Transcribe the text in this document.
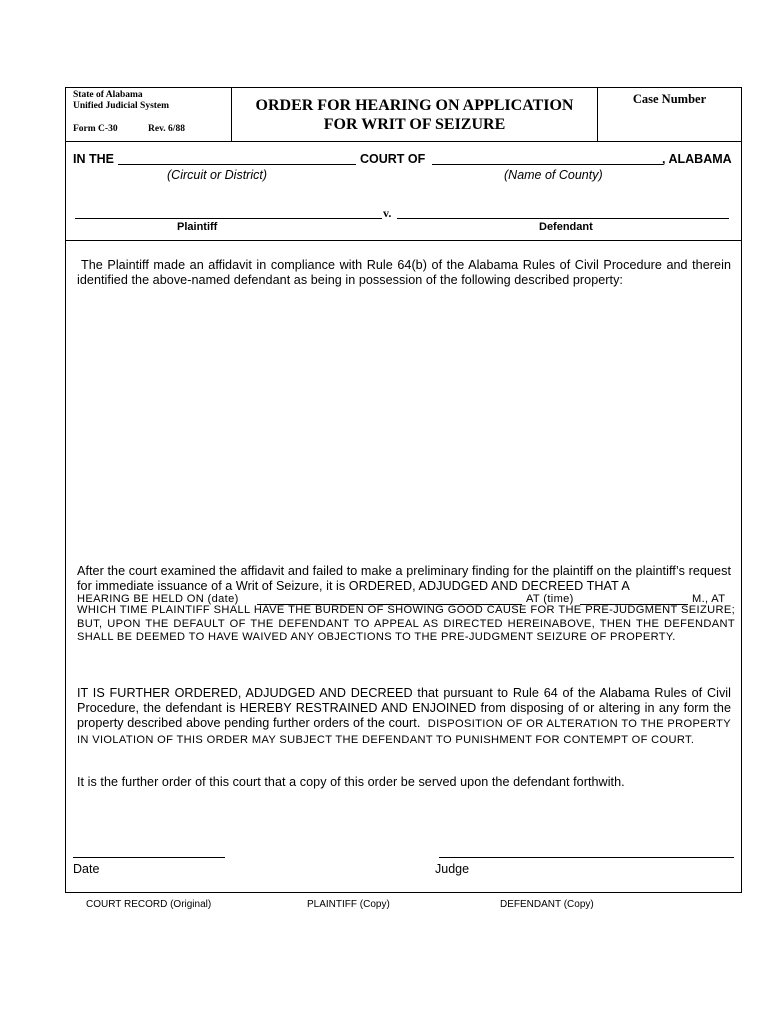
State of Alabama
Unified Judicial System
Form C-30	Rev. 6/88
ORDER FOR HEARING ON APPLICATION
FOR WRIT OF SEIZURE
Case Number
IN THE	COURT OF	, ALABAMA
(Circuit or District)	(Name of County)
v.
Plaintiff	Defendant
The Plaintiff made an affidavit in compliance with Rule 64(b) of the Alabama Rules of Civil Procedure and therein identified the above-named defendant as being in possession of the following described property:
After the court examined the affidavit and failed to make a preliminary finding for the plaintiff on the plaintiff’s request for immediate issuance of a Writ of Seizure, it is ORDERED, ADJUDGED AND DECREED THAT A
HEARING BE HELD ON (date)	AT (time)	M., AT
WHICH TIME PLAINTIFF SHALL HAVE THE BURDEN OF SHOWING GOOD CAUSE FOR THE PRE-JUDGMENT SEIZURE; BUT, UPON THE DEFAULT OF THE DEFENDANT TO APPEAL AS DIRECTED HEREINABOVE, THEN THE DEFENDANT SHALL BE DEEMED TO HAVE WAIVED ANY OBJECTIONS TO THE PRE-JUDGMENT SEIZURE OF PROPERTY.
IT IS FURTHER ORDERED, ADJUDGED AND DECREED that pursuant to Rule 64 of the Alabama Rules of Civil Procedure, the defendant is HEREBY RESTRAINED AND ENJOINED from disposing of or altering in any form the property described above pending further orders of the court. DISPOSITION OF OR ALTERATION TO THE PROPERTY IN VIOLATION OF THIS ORDER MAY SUBJECT THE DEFENDANT TO PUNISHMENT FOR CONTEMPT OF COURT.
It is the further order of this court that a copy of this order be served upon the defendant forthwith.
Date	Judge
COURT RECORD (Original)	PLAINTIFF (Copy)	DEFENDANT (Copy)
